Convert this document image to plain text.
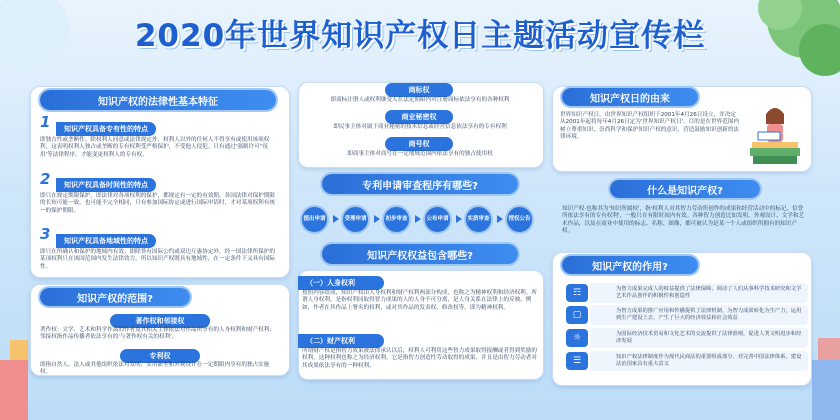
2020年世界知识产权日主题活动宣传栏
知识产权的法律性基本特征
1	知识产权具备专有性的特点
即独占性或垄断性；除权利人同意或法律规定外，权利人以外的任何人不得享有或使用该项权利，这表明权利人独占或垄断的专有权利受严格保护，不受他人侵犯。只有通过'强制许可''征用'等法律程序，才能变更权利人的专有权。
2	知识产权具备时间性的特点
即只在规定期限保护。即法律对各项权利的保护，都规定有一定的有效期，各国法律对保护期限的长短可能一致，也可能不完全相同，只有参加国际协定或进行国际申请时，才对某项权利有统一的保护期限。
3	知识产权具备地域性的特点
即只在所确认和保护的地域内有效；即除签有国际公约或双边互惠协定外，经一国法律所保护的某项权利只在该国范围内发生法律效力，所以知识产权既具有地域性，在一定条件下又具有国际性。
知识产权的范围?
著作权和邻接权
著作权：文学、艺术和科学作品的作者及其相关主体依法对作品所享有的人身权利和财产权利；邻接权指作品传播者依法享有的'与著作权有关的权利'。
专利权
即指自然人、法人或其他组织依法对发明、实用新型和外观设计在一定期限内享有的独占实施权。
商标权
即商标注册人或权利继受人在法定期限内对注册商标依法享有的各种权利
商业秘密权
即民事主体对属于商业秘密的技术信息或经营信息依法享有的专有权利
商号权
即商事主体对商号在一定地域范围内依法享有的独占使用权
专利申请审查程序有哪些?
提出申请	受理申请	初步审查	公布申请	实质审查	授权公告
知识产权权益包含哪些?
（一）人身权利
按照内容组成，知识产权由人身权利和财产权利两部分构成，也称之为精神权利和经济权利。所谓人身权利，是指权利同取得智力成果的人的人身不可分离，是人身关系在法律上的反映。例如，作者在其作品上署名的权利，或对其作品的发表权、修改权等，即为精神权利。
（二）财产权利
所谓财产权是指智力成果被法律承认以后，权利人可利用这些智力成果取得报酬或者得到奖励的权利，这种权利也称之为经济权利。它是指智力创造性劳动取得的成果，并且是由智力劳动者对其成果依法享有的一种权利。
知识产权日的由来
世界知识产权日，由世界知识产权组织于2001年4月26日设立，并决定从2001年起将每年4月26日定为'世界知识产权日'。目的是在世界范围内树立尊重知识、崇尚科学和保护知识产权的意识，营造鼓励知识创新的法律环境。
什么是知识产权?
知识产权·也称其为'知识所属权'，指'权利人对其智力劳动所创作的成果和经营活动中的标记、信誉所依法享有的专有权利'，一般只在有限时间内有效。各种智力创造比如发明、外观设计、文学和艺术作品，以及在商业中使用的标志、名称、图像，都可被认为是某一个人或组织所拥有的知识产权。
知识产权的作用?
☶	为智力成果完成人的权益提供了法律保障，调动了人们从事科学技术研究和文学艺术作品创作的积极性和创造性
▢	为智力成果的推广应用和传播提供了法律机制，为智力成果转化为生产力，运用到生产建设上去，产生了巨大的经济效益和社会效益
☼	为国际经济技术贸易和文化艺术的交流提供了法律准则，促进人类文明进步和经济发展
☰	知识产权法律制度作为现代民商法的重要组成部分，对完善中国法律体系，建设法治国家具有重大意义
